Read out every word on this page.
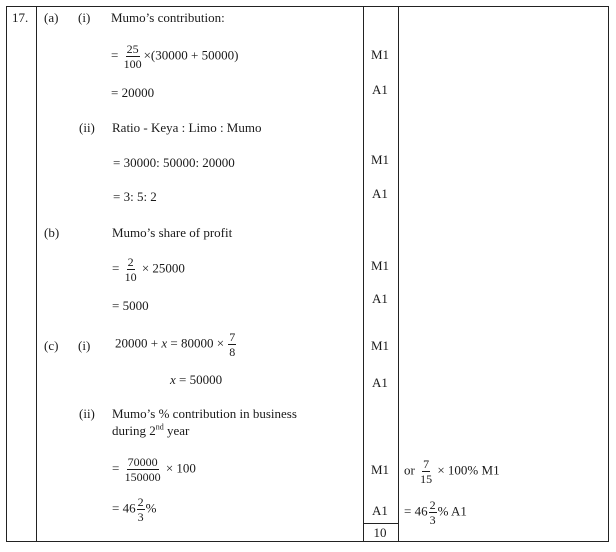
17. (a) (i)
(ii)
(b)
(c) (i)
(ii)
Mumo’s contribution:
= $\frac{25}{100} \times(30000 + 50000)$
= 20000
Ratio - Keya : Limo : Mumo
= 30000: 50000: 20000
= 3: 5: 2
Mumo’s share of profit
= $\frac{2}{10} \times 25000$
= 5000
$20000 + x = 80000 \times \frac{7}{8}$
x = 50000
Mumo’s % contribution in business
during 2nd year
= $\frac{70000}{150000} \times 100$
= $46 \frac{2}{3}$ %
M1
A1
M1
A1
M1
A1
M1
A1
M1
A1
10
or $\frac{7}{15} \times 100\%$ M1
= $46 \frac{2}{3}$ % A1
